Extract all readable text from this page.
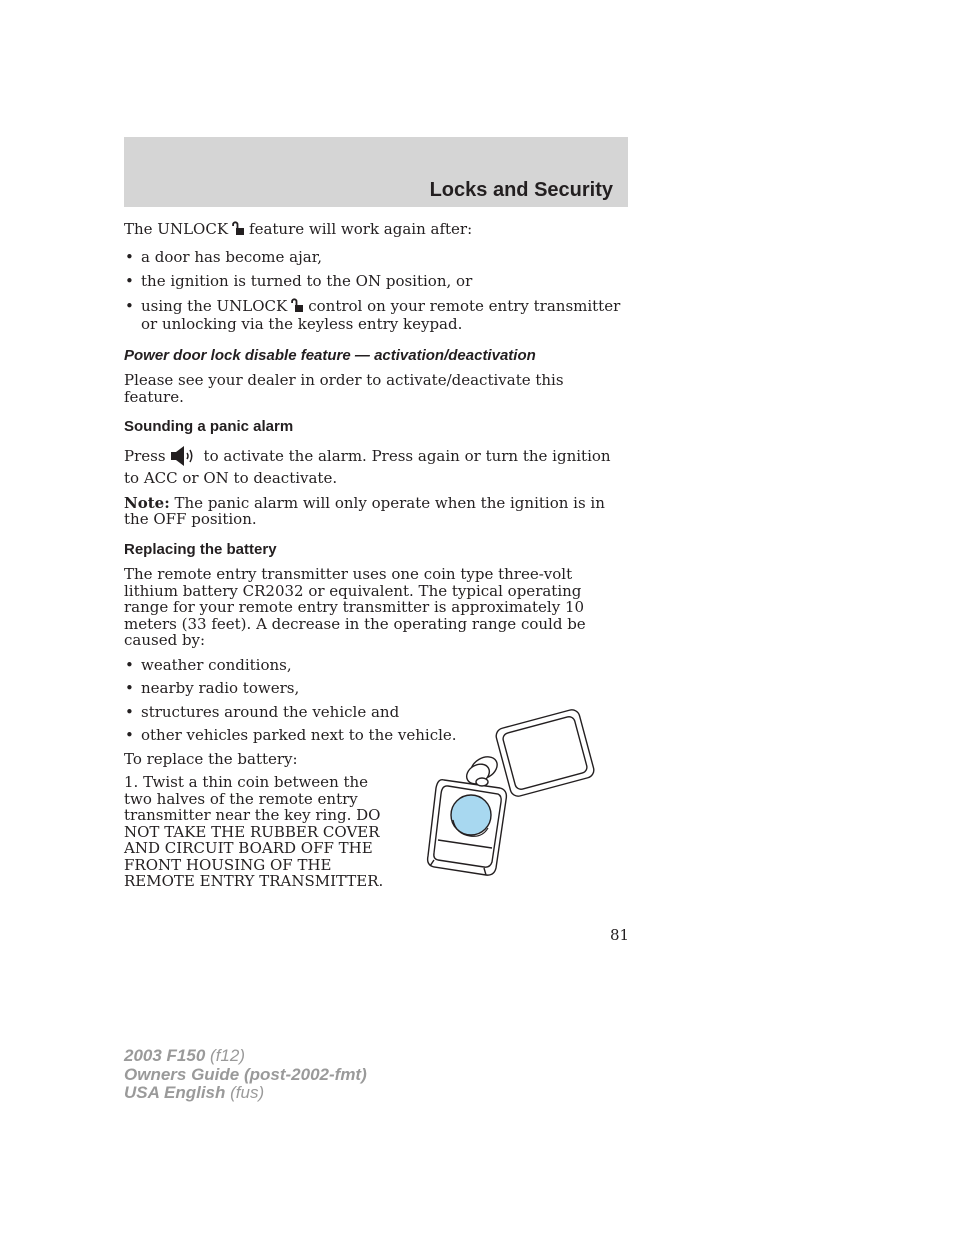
Locks and Security

The UNLOCK feature will work again after:

• a door has become ajar,
• the ignition is turned to the ON position, or
• using the UNLOCK control on your remote entry transmitter or unlocking via the keyless entry keypad.

Power door lock disable feature — activation/deactivation

Please see your dealer in order to activate/deactivate this feature.

Sounding a panic alarm

Press	to activate the alarm. Press again or turn the ignition to ACC or ON to deactivate.

Note: The panic alarm will only operate when the ignition is in the OFF position.

Replacing the battery

The remote entry transmitter uses one coin type three-volt lithium battery CR2032 or equivalent. The typical operating range for your remote entry transmitter is approximately 10 meters (33 feet). A decrease in the operating range could be caused by:

• weather conditions,
• nearby radio towers,
• structures around the vehicle and
• other vehicles parked next to the vehicle.

To replace the battery:

1. Twist a thin coin between the two halves of the remote entry transmitter near the key ring. DO NOT TAKE THE RUBBER COVER AND CIRCUIT BOARD OFF THE FRONT HOUSING OF THE REMOTE ENTRY TRANSMITTER.

81
2003 F150 (f12)
Owners Guide (post-2002-fmt)
USA English (fus)
